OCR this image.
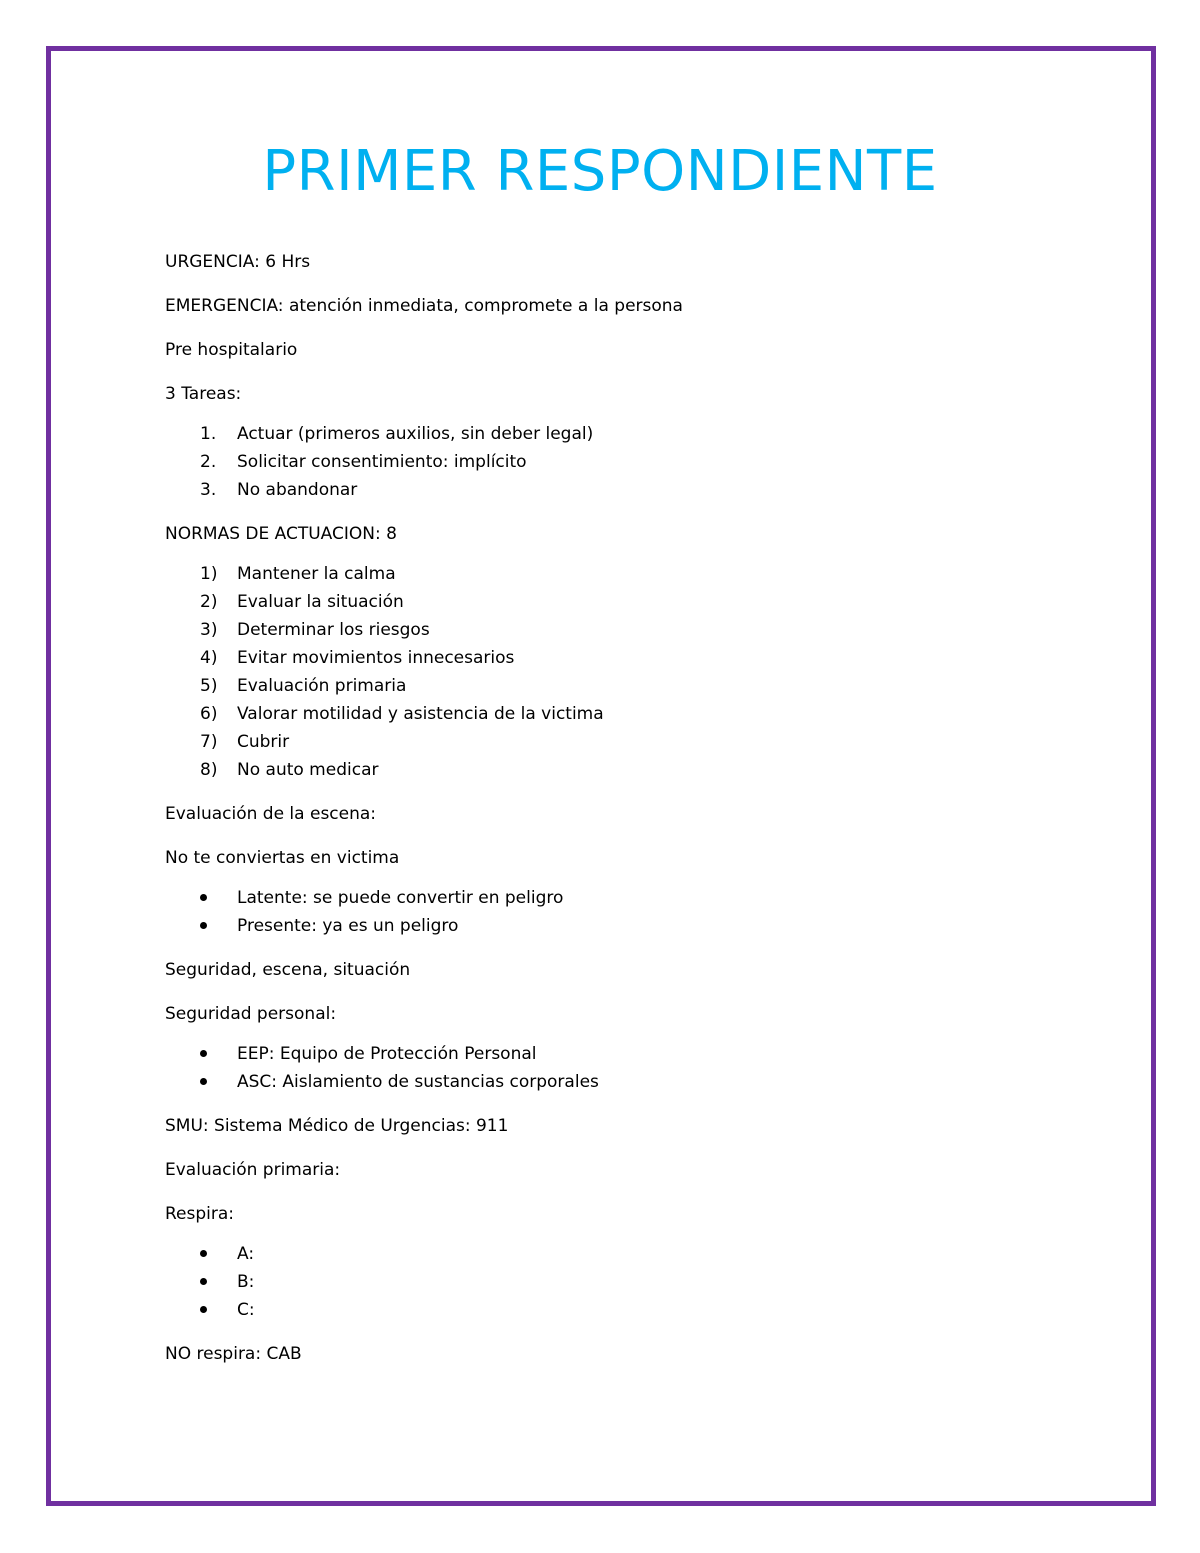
PRIMER RESPONDIENTE

URGENCIA: 6 Hrs

EMERGENCIA: atención inmediata, compromete a la persona

Pre hospitalario

3 Tareas:

1.	Actuar (primeros auxilios, sin deber legal)
2.	Solicitar consentimiento: implícito
3.	No abandonar

NORMAS DE ACTUACION: 8

1)	Mantener la calma
2)	Evaluar la situación
3)	Determinar los riesgos
4)	Evitar movimientos innecesarios
5)	Evaluación primaria
6)	Valorar motilidad y asistencia de la victima
7)	Cubrir
8)	No auto medicar

Evaluación de la escena:

No te conviertas en victima

Latente: se puede convertir en peligro
Presente: ya es un peligro

Seguridad, escena, situación

Seguridad personal:

EEP: Equipo de Protección Personal
ASC: Aislamiento de sustancias corporales

SMU: Sistema Médico de Urgencias: 911

Evaluación primaria:

Respira:

A:
B:
C:

NO respira: CAB
